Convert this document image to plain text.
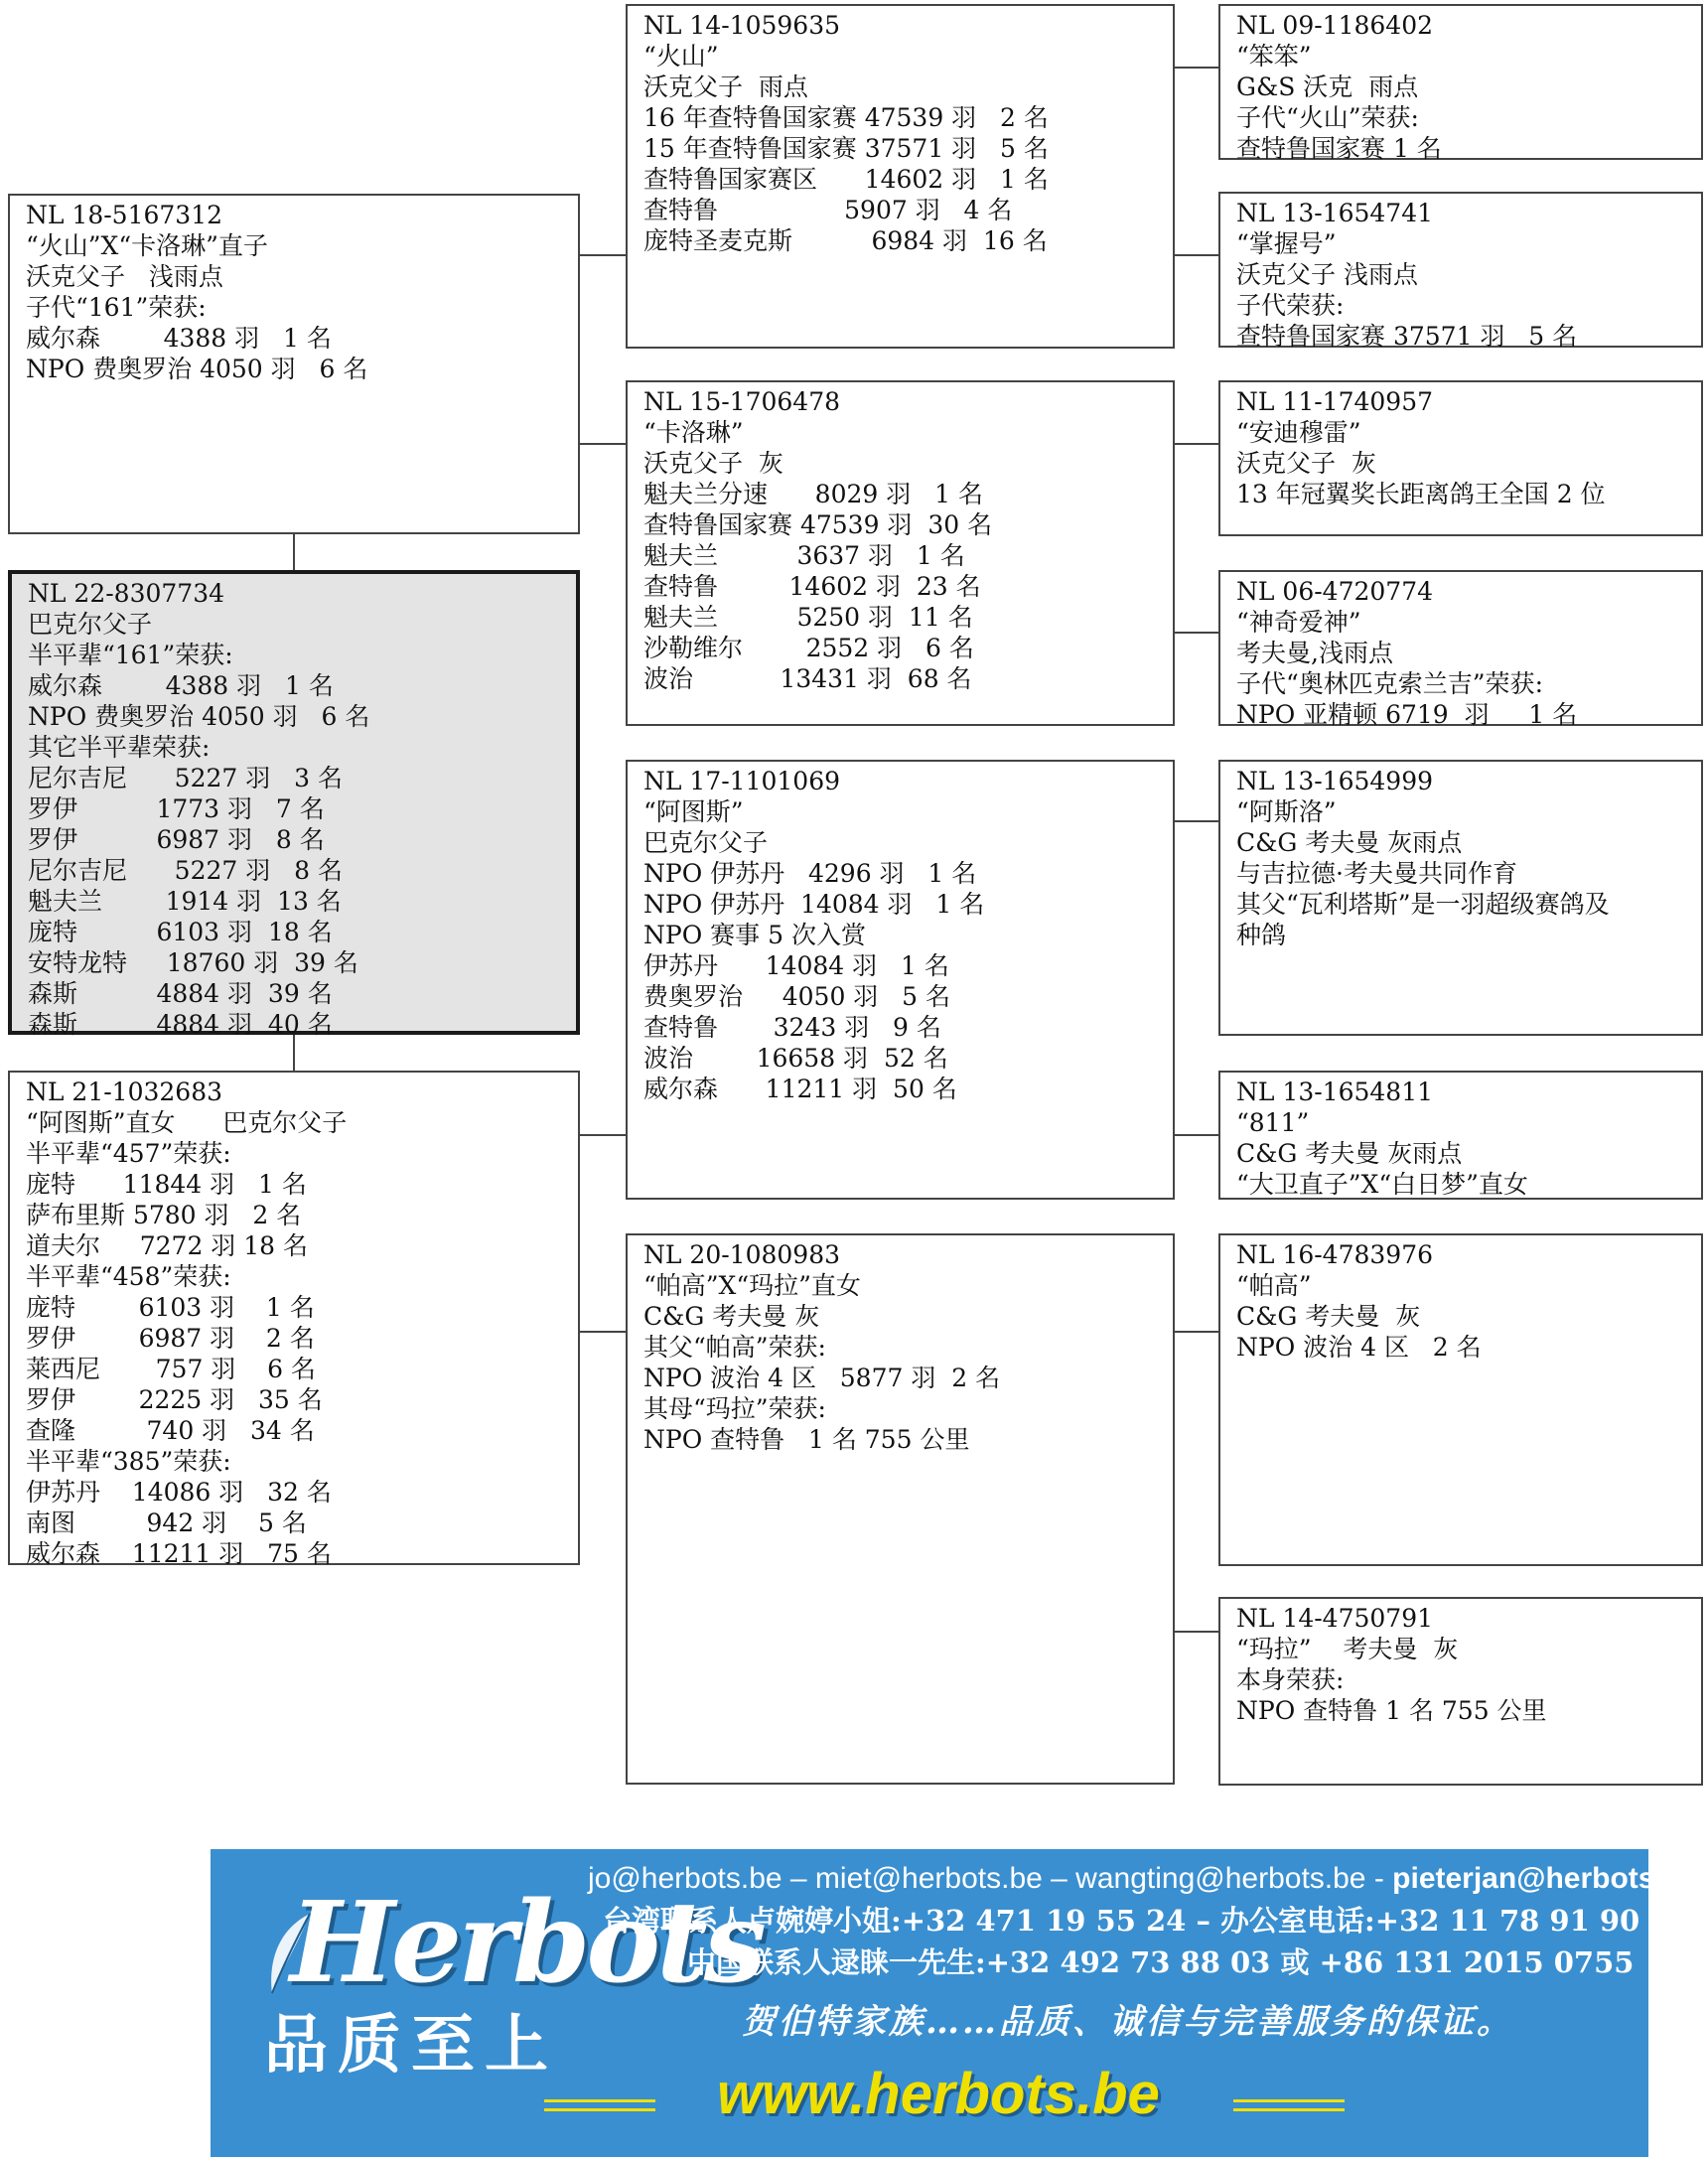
NL 18-5167312
“火山”X“卡洛琳”直子
沃克父子   浅雨点
子代“161”荣获:
威尔森        4388 羽   1 名
NPO 费奥罗治 4050 羽   6 名
NL 22-8307734
巴克尔父子
半平辈“161”荣获:
威尔森        4388 羽   1 名
NPO 费奥罗治 4050 羽   6 名
其它半平辈荣获:
尼尔吉尼      5227 羽   3 名
罗伊          1773 羽   7 名
罗伊          6987 羽   8 名
尼尔吉尼      5227 羽   8 名
魁夫兰        1914 羽  13 名
庞特          6103 羽  18 名
安特龙特     18760 羽  39 名
森斯          4884 羽  39 名
森斯          4884 羽  40 名
NL 21-1032683
“阿图斯”直女      巴克尔父子
半平辈“457”荣获:
庞特      11844 羽   1 名
萨布里斯 5780 羽   2 名
道夫尔     7272 羽 18 名
半平辈“458”荣获:
庞特        6103 羽    1 名
罗伊        6987 羽    2 名
莱西尼       757 羽    6 名
罗伊        2225 羽   35 名
查隆         740 羽   34 名
半平辈“385”荣获:
伊苏丹    14086 羽   32 名
南图         942 羽    5 名
威尔森    11211 羽   75 名
NL 14-1059635
“火山”
沃克父子  雨点
16 年查特鲁国家赛 47539 羽   2 名
15 年查特鲁国家赛 37571 羽   5 名
查特鲁国家赛区      14602 羽   1 名
查特鲁                5907 羽   4 名
庞特圣麦克斯          6984 羽  16 名
NL 15-1706478
“卡洛琳”
沃克父子  灰
魁夫兰分速      8029 羽   1 名
查特鲁国家赛 47539 羽  30 名
魁夫兰          3637 羽   1 名
查特鲁         14602 羽  23 名
魁夫兰          5250 羽  11 名
沙勒维尔        2552 羽   6 名
波治           13431 羽  68 名
NL 17-1101069
“阿图斯”
巴克尔父子
NPO 伊苏丹   4296 羽   1 名
NPO 伊苏丹  14084 羽   1 名
NPO 赛事 5 次入赏
伊苏丹      14084 羽   1 名
费奥罗治     4050 羽   5 名
查特鲁       3243 羽   9 名
波治        16658 羽  52 名
威尔森      11211 羽  50 名
NL 20-1080983
“帕高”X“玛拉”直女
C&G 考夫曼 灰
其父“帕高”荣获:
NPO 波治 4 区   5877 羽  2 名
其母“玛拉”荣获:
NPO 查特鲁   1 名 755 公里
NL 09-1186402
“笨笨”
G&S 沃克  雨点
子代“火山”荣获:
查特鲁国家赛 1 名
NL 13-1654741
“掌握号”
沃克父子 浅雨点
子代荣获:
查特鲁国家赛 37571 羽   5 名
NL 11-1740957
“安迪穆雷”
沃克父子  灰
13 年冠翼奖长距离鸽王全国 2 位
NL 06-4720774
“神奇爱神”
考夫曼,浅雨点
子代“奥林匹克索兰吉”荣获:
NPO 亚精顿 6719  羽     1 名
NL 13-1654999
“阿斯洛”
C&G 考夫曼 灰雨点
与吉拉德·考夫曼共同作育
其父“瓦利塔斯”是一羽超级赛鸽及
种鸽
NL 13-1654811
“811”
C&G 考夫曼 灰雨点
“大卫直子”X“白日梦”直女
NL 16-4783976
“帕高”
C&G 考夫曼  灰
NPO 波治 4 区   2 名
NL 14-4750791
“玛拉”    考夫曼  灰
本身荣获:
NPO 查特鲁 1 名 755 公里
Herbots
品质至上
jo@herbots.be – miet@herbots.be – wangting@herbots.be - pieterjan@herbots.be
台湾联系人卢婉婷小姐:+32 471 19 55 24 – 办公室电话:+32 11 78 91 90
中国联系人逯睐一先生:+32 492 73 88 03 或 +86 131 2015 0755
贺伯特家族……品质、诚信与完善服务的保证。
www.herbots.be
